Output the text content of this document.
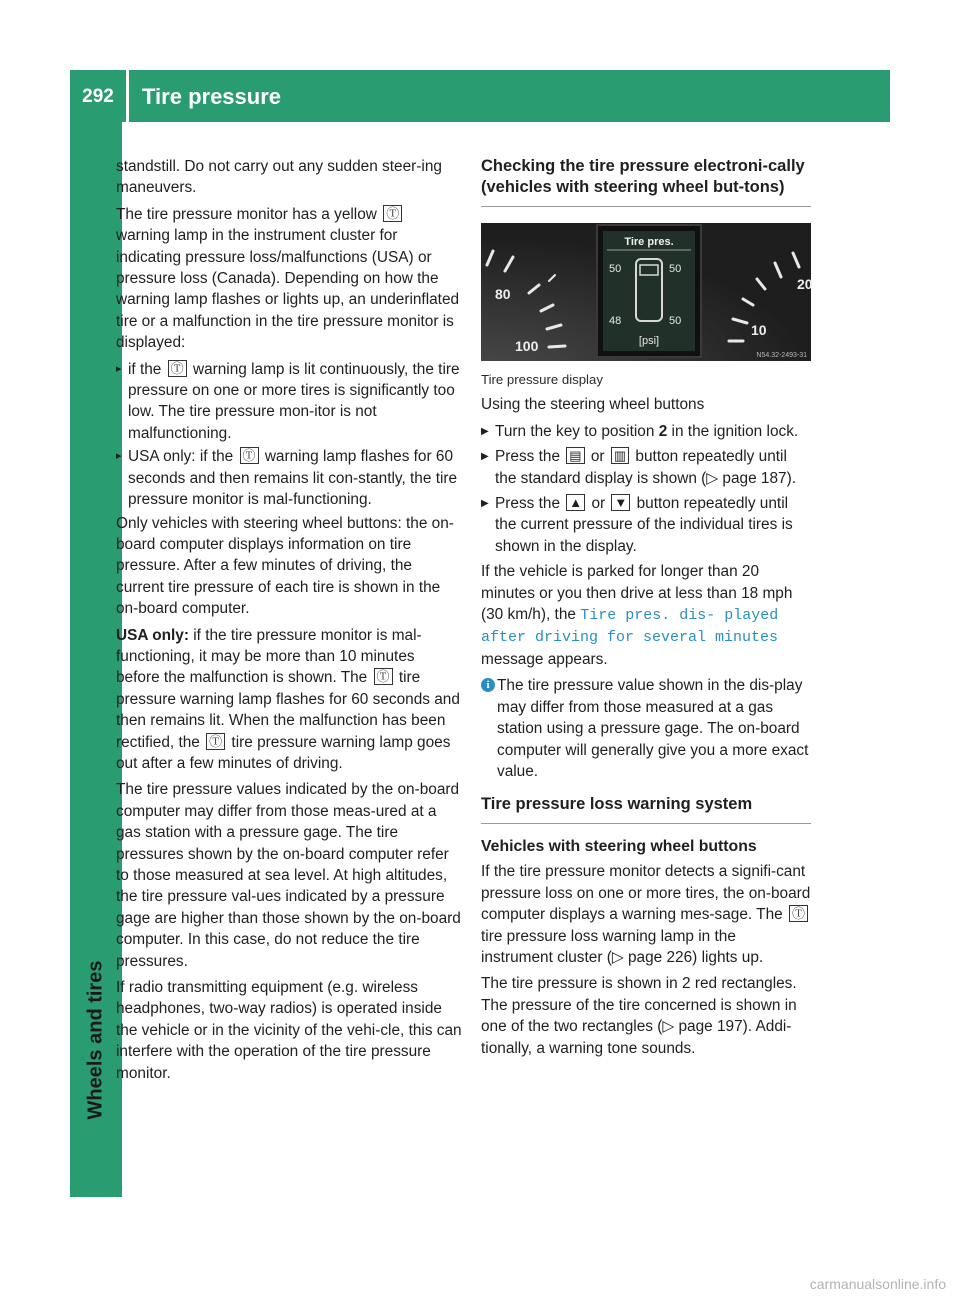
292	Tire pressure
Wheels and tires

standstill. Do not carry out any sudden steer-ing maneuvers.

The tire pressure monitor has a yellow Ⓣ warning lamp in the instrument cluster for indicating pressure loss/malfunctions (USA) or pressure loss (Canada). Depending on how the warning lamp flashes or lights up, an underinflated tire or a malfunction in the tire pressure monitor is displayed:

▸ if the Ⓣ warning lamp is lit continuously, the tire pressure on one or more tires is significantly too low. The tire pressure mon-itor is not malfunctioning.
▸ USA only: if the Ⓣ warning lamp flashes for 60 seconds and then remains lit con-stantly, the tire pressure monitor is mal-functioning.

Only vehicles with steering wheel buttons: the on-board computer displays information on tire pressure. After a few minutes of driving, the current tire pressure of each tire is shown in the on-board computer.

USA only: if the tire pressure monitor is mal-functioning, it may be more than 10 minutes before the malfunction is shown. The Ⓣ tire pressure warning lamp flashes for 60 seconds and then remains lit. When the malfunction has been rectified, the Ⓣ tire pressure warning lamp goes out after a few minutes of driving.

The tire pressure values indicated by the on-board computer may differ from those meas-ured at a gas station with a pressure gage. The tire pressures shown by the on-board computer refer to those measured at sea level. At high altitudes, the tire pressure val-ues indicated by a pressure gage are higher than those shown by the on-board computer. In this case, do not reduce the tire pressures.

If radio transmitting equipment (e.g. wireless headphones, two-way radios) is operated inside the vehicle or in the vicinity of the vehi-cle, this can interfere with the operation of the tire pressure monitor.

Checking the tire pressure electroni-cally (vehicles with steering wheel but-tons)
80
100
Tire pres.
50	50
48	50
[psi]
20
10
N54.32-2493-31
Tire pressure display

Using the steering wheel buttons

▶ Turn the key to position 2 in the ignition lock.
▶ Press the ▤ or ▥ button repeatedly until the standard display is shown (▷ page 187).
▶ Press the ▲ or ▼ button repeatedly until the current pressure of the individual tires is shown in the display.

If the vehicle is parked for longer than 20 minutes or you then drive at less than 18 mph (30 km/h), the Tire pres. dis‐ played after driving for several minutes message appears.

i The tire pressure value shown in the dis-play may differ from those measured at a gas station using a pressure gage. The on-board computer will generally give you a more exact value.
Tire pressure loss warning system
Vehicles with steering wheel buttons

If the tire pressure monitor detects a signifi-cant pressure loss on one or more tires, the on-board computer displays a warning mes-sage. The Ⓣ tire pressure loss warning lamp in the instrument cluster (▷ page 226) lights up.

The tire pressure is shown in 2 red rectangles. The pressure of the tire concerned is shown in one of the two rectangles (▷ page 197). Addi-tionally, a warning tone sounds.

carmanualsonline.info
